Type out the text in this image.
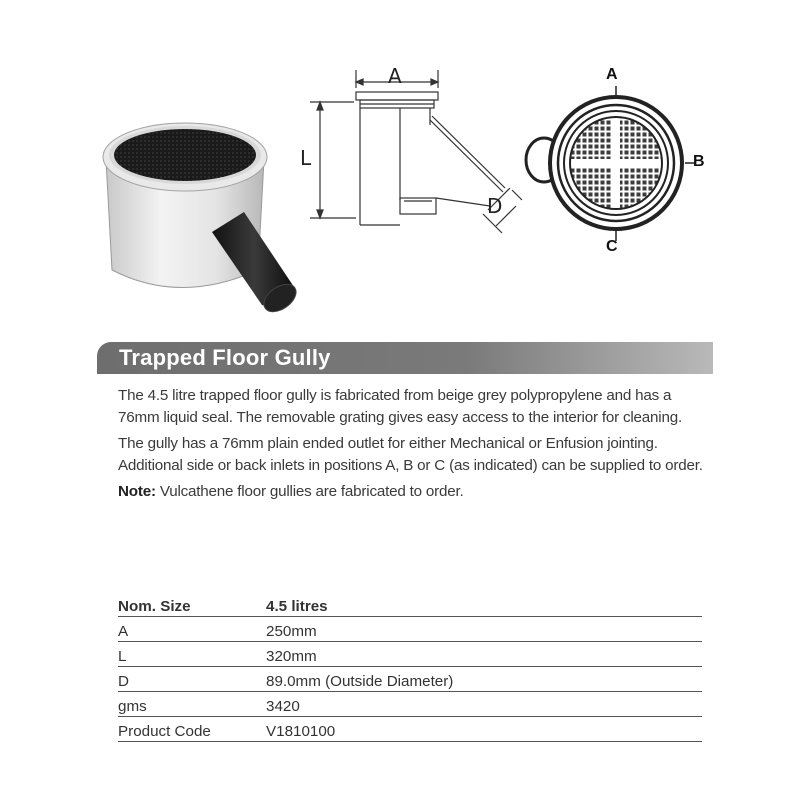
A
L
D
A
B
C
Trapped Floor Gully

The 4.5 litre trapped floor gully is fabricated from beige grey polypropylene and has a 76mm liquid seal. The removable grating gives easy access to the interior for cleaning.

The gully has a 76mm plain ended outlet for either Mechanical or Enfusion jointing. Additional side or back inlets in positions A, B or C (as indicated) can be supplied to order.

Note: Vulcathene floor gullies are fabricated to order.

Nom. Size	4.5 litres
A	250mm
L	320mm
D	89.0mm (Outside Diameter)
gms	3420
Product Code	V1810100
